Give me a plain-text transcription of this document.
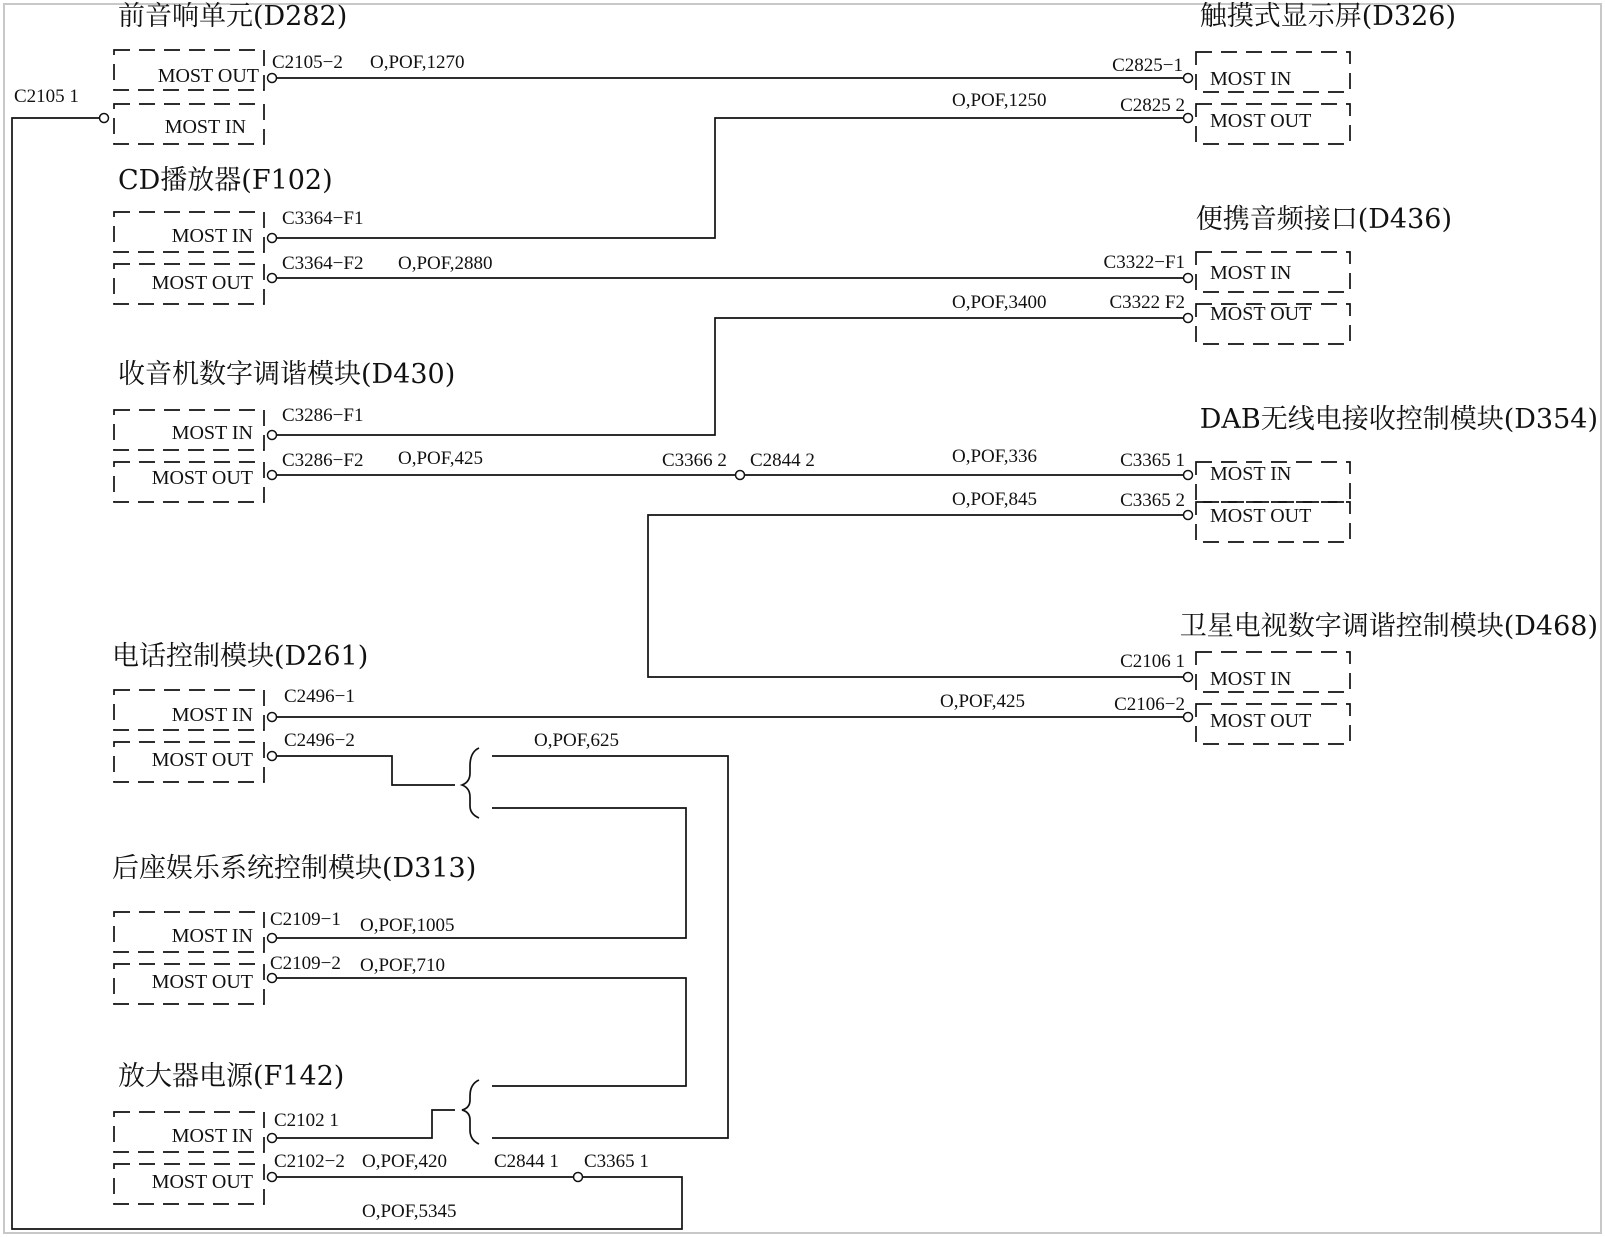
前音响单元(D282)
CD播放器(F102)
收音机数字调谐模块(D430)
电话控制模块(D261)
后座娱乐系统控制模块(D313)
放大器电源(F142)
触摸式显示屏(D326)
便携音频接口(D436)
DAB无线电接收控制模块(D354)
卫星电视数字调谐控制模块(D468)
MOST OUT
MOST IN
MOST IN
MOST OUT
MOST IN
MOST OUT
MOST IN
MOST OUT
MOST IN
MOST OUT
MOST IN
MOST OUT
MOST IN
MOST OUT
MOST IN
MOST OUT
MOST IN
MOST OUT
MOST IN
MOST OUT
C2105−2
C2105 1
C2825−1
C2825 2
C3364−F1
C3364−F2	C3322−F1
C3322 F2
C3286−F1
C3286−F2	C3366 2 C2844 2	C3365 1
C3365 2
C2106 1
C2106−2
C2496−1
C2496−2
C2109−1
C2109−2
C2102 1
C2102−2	C2844 1 C3365 1
O,POF,1270
O,POF,1250
O,POF,2880
O,POF,3400
O,POF,425	O,POF,336
O,POF,845
O,POF,425
O,POF,625
O,POF,1005
O,POF,710
O,POF,420
O,POF,5345
